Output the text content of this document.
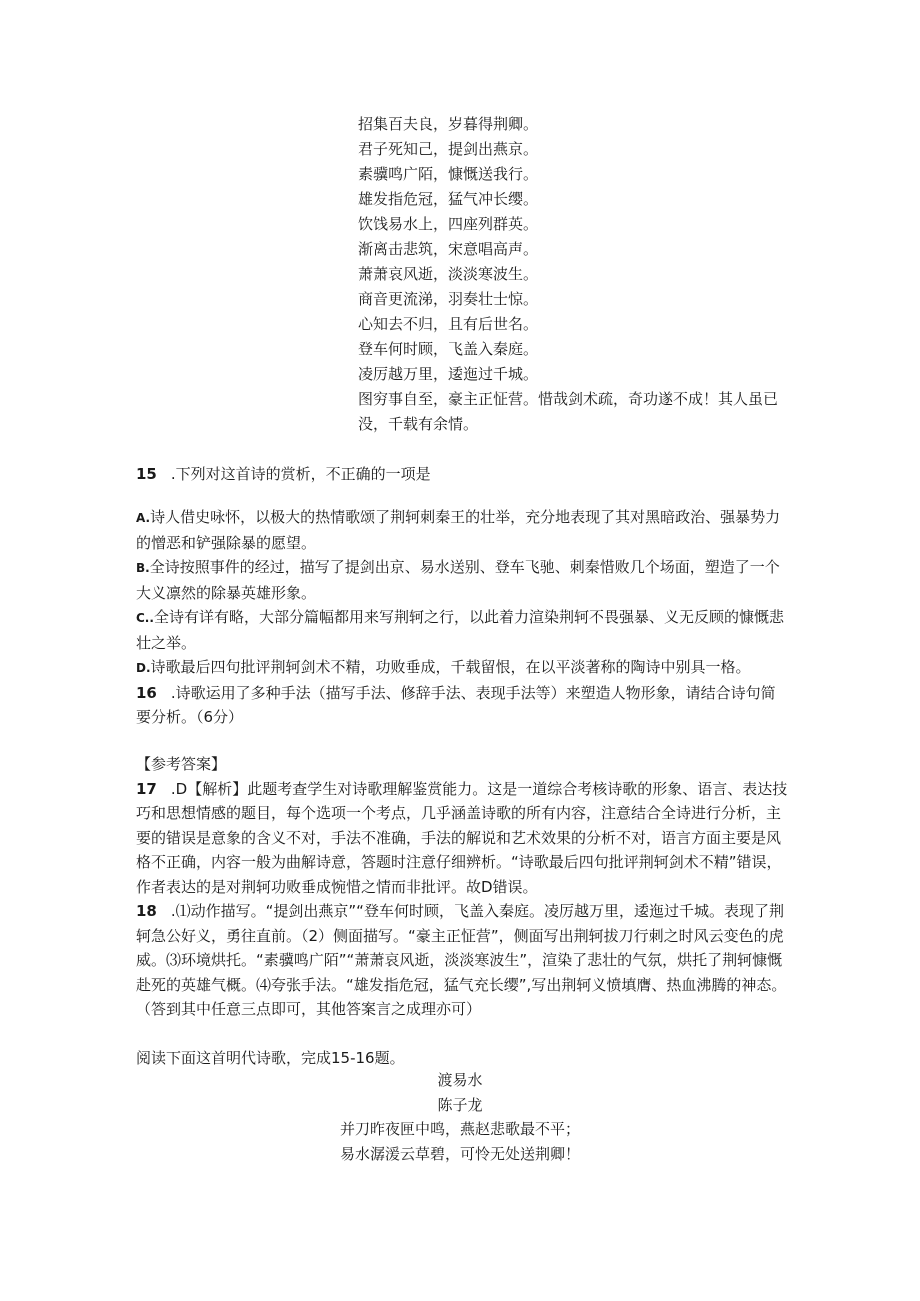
招集百夫良，岁暮得荆卿。
君子死知己，提剑出燕京。
素骥鸣广陌，慷慨送我行。
雄发指危冠，猛气冲长缨。
饮饯易水上，四座列群英。
渐离击悲筑，宋意唱高声。
萧萧哀风逝，淡淡寒波生。
商音更流涕，羽奏壮士惊。
心知去不归，且有后世名。
登车何时顾，飞盖入秦庭。
凌厉越万里，逶迤过千城。
图穷事自至，豪主正怔营。惜哉剑术疏，奇功遂不成！其人虽已没，千载有余情。
15 .下列对这首诗的赏析，不正确的一项是

A.诗人借史咏怀，以极大的热情歌颂了荆轲刺秦王的壮举，充分地表现了其对黑暗政治、强暴势力的憎恶和铲强除暴的愿望。

B.全诗按照事件的经过，描写了提剑出京、易水送别、登车飞驰、刺秦惜败几个场面，塑造了一个大义凛然的除暴英雄形象。

C..全诗有详有略，大部分篇幅都用来写荆轲之行，以此着力渲染荆轲不畏强暴、义无反顾的慷慨悲壮之举。

D.诗歌最后四句批评荆轲剑术不精，功败垂成，千载留恨，在以平淡著称的陶诗中别具一格。

16 .诗歌运用了多种手法（描写手法、修辞手法、表现手法等）来塑造人物形象，请结合诗句简要分析。（6分）

【参考答案】

17 .D【解析】此题考查学生对诗歌理解鉴赏能力。这是一道综合考核诗歌的形象、语言、表达技巧和思想情感的题目，每个选项一个考点，几乎涵盖诗歌的所有内容，注意结合全诗进行分析，主要的错误是意象的含义不对，手法不准确，手法的解说和艺术效果的分析不对，语言方面主要是风格不正确，内容一般为曲解诗意，答题时注意仔细辨析。“诗歌最后四句批评荆轲剑术不精”错误，作者表达的是对荆轲功败垂成惋惜之情而非批评。故D错误。

18 .⑴动作描写。“提剑出燕京”“登车何时顾，飞盖入秦庭。凌厉越万里，逶迤过千城。表现了荆轲急公好义，勇往直前。（2）侧面描写。“豪主正怔营”，侧面写出荆轲拔刀行刺之时风云变色的虎威。⑶环境烘托。“素骥鸣广陌”“萧萧哀风逝，淡淡寒波生”，渲染了悲壮的气氛，烘托了荆轲慷慨赴死的英雄气概。⑷夸张手法。“雄发指危冠，猛气充长缨”,写出荆轲义愤填膺、热血沸腾的神态。（答到其中任意三点即可，其他答案言之成理亦可）

阅读下面这首明代诗歌，完成15-16题。
渡易水
陈子龙
并刀昨夜匣中鸣，燕赵悲歌最不平；
易水潺湲云草碧，可怜无处送荆卿！
